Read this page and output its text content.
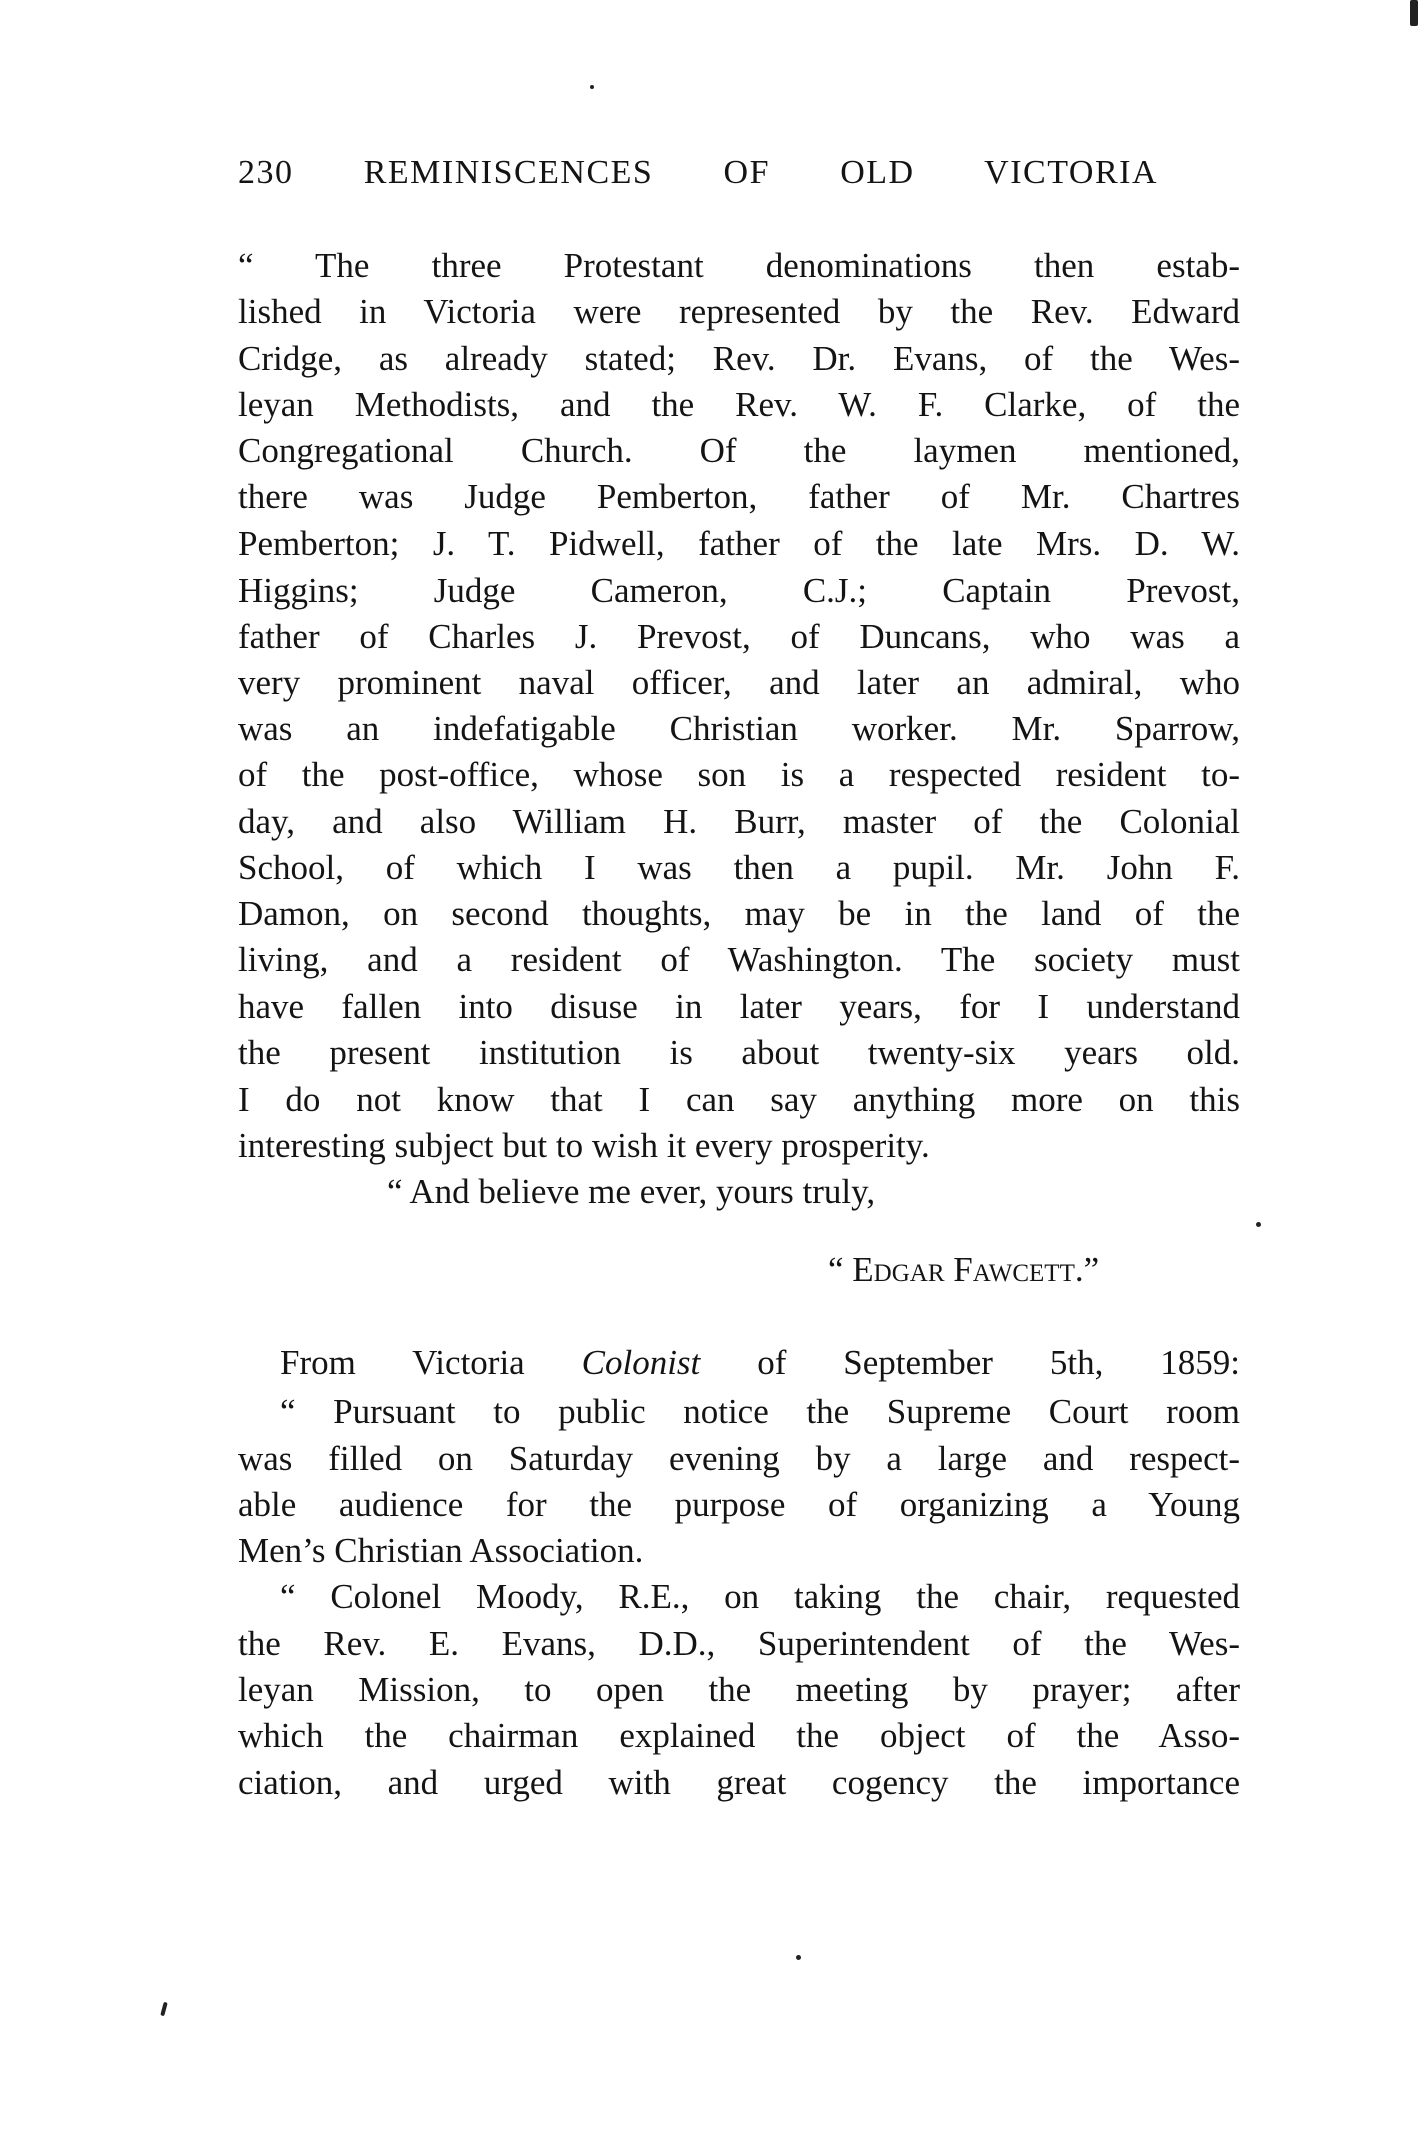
230 REMINISCENCES OF OLD VICTORIA
“ The three Protestant denominations then estab-
lished in Victoria were represented by the Rev. Edward
Cridge, as already stated; Rev. Dr. Evans, of the Wes-
leyan Methodists, and the Rev. W. F. Clarke, of the
Congregational Church. Of the laymen mentioned,
there was Judge Pemberton, father of Mr. Chartres
Pemberton; J. T. Pidwell, father of the late Mrs. D. W.
Higgins; Judge Cameron, C.J.; Captain Prevost,
father of Charles J. Prevost, of Duncans, who was a
very prominent naval officer, and later an admiral, who
was an indefatigable Christian worker. Mr. Sparrow,
of the post-office, whose son is a respected resident to-
day, and also William H. Burr, master of the Colonial
School, of which I was then a pupil. Mr. John F.
Damon, on second thoughts, may be in the land of the
living, and a resident of Washington. The society must
have fallen into disuse in later years, for I understand
the present institution is about twenty-six years old.
I do not know that I can say anything more on this
interesting subject but to wish it every prosperity.
“ And believe me ever, yours truly,
“ Edgar Fawcett.”
From Victoria Colonist of September 5th, 1859:
“ Pursuant to public notice the Supreme Court room
was filled on Saturday evening by a large and respect-
able audience for the purpose of organizing a Young
Men’s Christian Association.
“ Colonel Moody, R.E., on taking the chair, requested
the Rev. E. Evans, D.D., Superintendent of the Wes-
leyan Mission, to open the meeting by prayer; after
which the chairman explained the object of the Asso-
ciation, and urged with great cogency the importance
